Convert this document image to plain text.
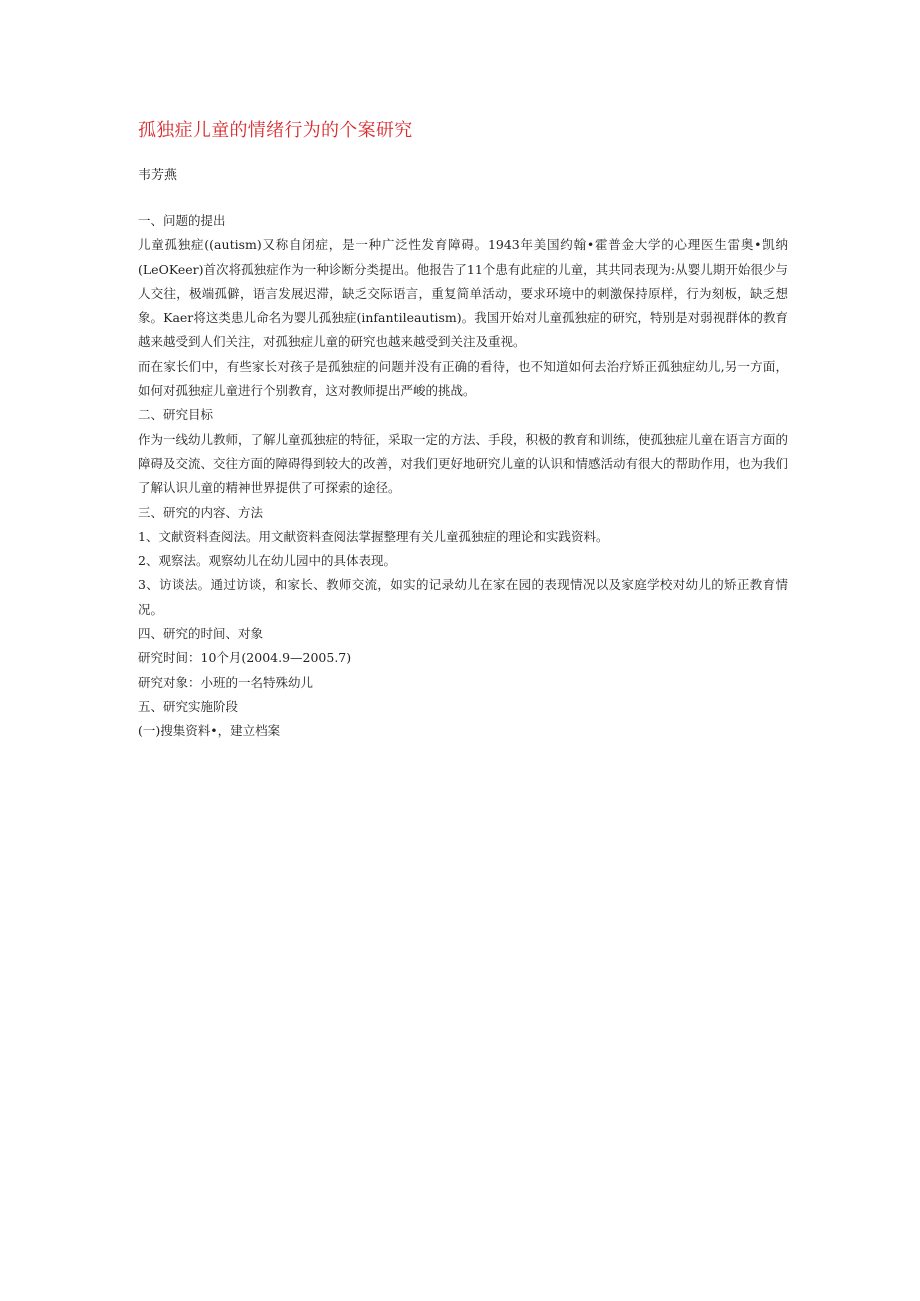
孤独症儿童的情绪行为的个案研究
韦芳燕

一、问题的提出

儿童孤独症((autism)又称自闭症，是一种广泛性发育障碍。1943年美国约翰•霍普金大学的心理医生雷奥•凯纳(LeOKeer)首次将孤独症作为一种诊断分类提出。他报告了11个患有此症的儿童，其共同表现为:从婴儿期开始很少与人交往，极端孤僻，语言发展迟滞，缺乏交际语言，重复简单活动，要求环境中的刺激保持原样，行为刻板，缺乏想象。Kaer将这类患儿命名为婴儿孤独症(infantileautism)。我国开始对儿童孤独症的研究，特别是对弱视群体的教育越来越受到人们关注，对孤独症儿童的研究也越来越受到关注及重视。

而在家长们中，有些家长对孩子是孤独症的问题并没有正确的看待，也不知道如何去治疗矫正孤独症幼儿,另一方面，如何对孤独症儿童进行个别教育，这对教师提出严峻的挑战。

二、研究目标

作为一线幼儿教师，了解儿童孤独症的特征，采取一定的方法、手段，积极的教育和训练，使孤独症儿童在语言方面的障碍及交流、交往方面的障碍得到较大的改善，对我们更好地研究儿童的认识和情感活动有很大的帮助作用，也为我们了解认识儿童的精神世界提供了可探索的途径。

三、研究的内容、方法

1、文献资料查阅法。用文献资料查阅法掌握整理有关儿童孤独症的理论和实践资料。

2、观察法。观察幼儿在幼儿园中的具体表现。

3、访谈法。通过访谈，和家长、教师交流，如实的记录幼儿在家在园的表现情况以及家庭学校对幼儿的矫正教育情况。

四、研究的时间、对象

研究时间：10个月(2004.9—2005.7)

研究对象：小班的一名特殊幼儿

五、研究实施阶段

(一)搜集资料•，建立档案
